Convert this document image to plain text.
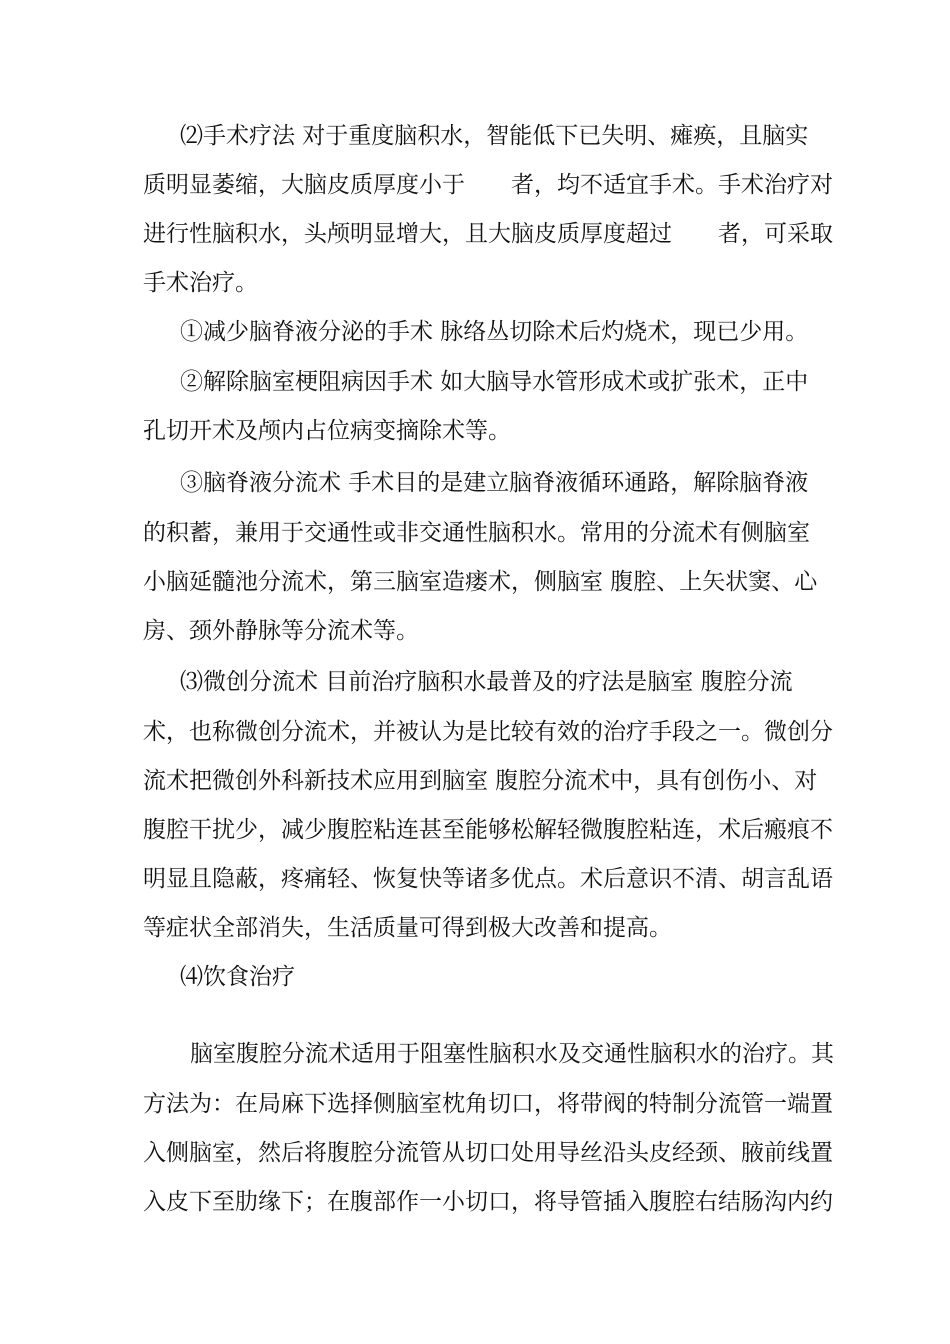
⑵手术疗法 对于重度脑积水，智能低下已失明、瘫痪，且脑实

质明显萎缩，大脑皮质厚度小于　　者，均不适宜手术。手术治疗对

进行性脑积水，头颅明显增大，且大脑皮质厚度超过　　者，可采取

手术治疗。

①减少脑脊液分泌的手术 脉络丛切除术后灼烧术，现已少用。

②解除脑室梗阻病因手术 如大脑导水管形成术或扩张术，正中

孔切开术及颅内占位病变摘除术等。

③脑脊液分流术 手术目的是建立脑脊液循环通路，解除脑脊液

的积蓄，兼用于交通性或非交通性脑积水。常用的分流术有侧脑室

小脑延髓池分流术，第三脑室造瘘术，侧脑室 腹腔、上矢状窦、心

房、颈外静脉等分流术等。

⑶微创分流术 目前治疗脑积水最普及的疗法是脑室 腹腔分流

术，也称微创分流术，并被认为是比较有效的治疗手段之一。微创分

流术把微创外科新技术应用到脑室 腹腔分流术中，具有创伤小、对

腹腔干扰少，减少腹腔粘连甚至能够松解轻微腹腔粘连，术后瘢痕不

明显且隐蔽，疼痛轻、恢复快等诸多优点。术后意识不清、胡言乱语

等症状全部消失，生活质量可得到极大改善和提高。

⑷饮食治疗

脑室腹腔分流术适用于阻塞性脑积水及交通性脑积水的治疗。其

方法为：在局麻下选择侧脑室枕角切口，将带阀的特制分流管一端置

入侧脑室，然后将腹腔分流管从切口处用导丝沿头皮经颈、腋前线置

入皮下至肋缘下；在腹部作一小切口，将导管插入腹腔右结肠沟内约
